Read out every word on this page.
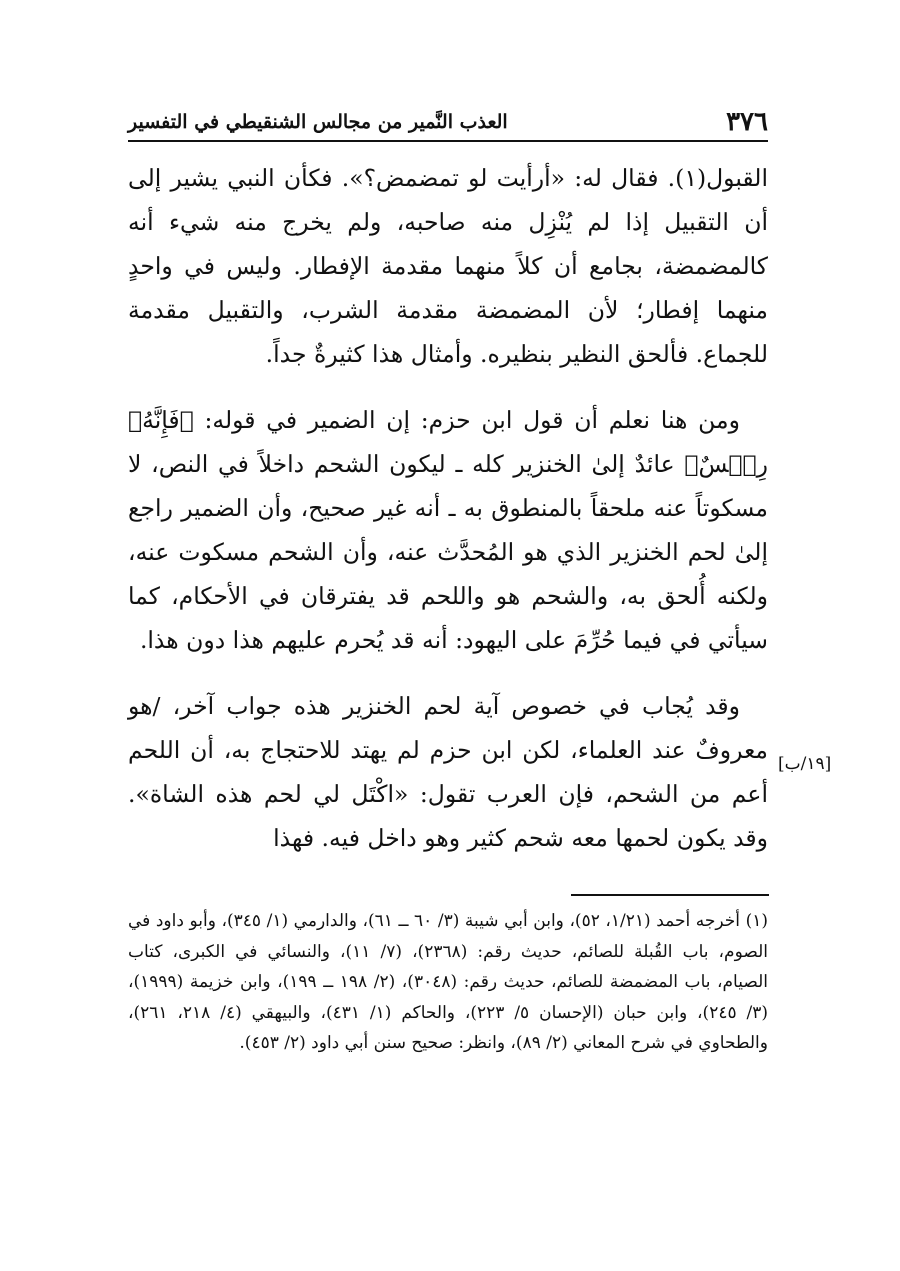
٣٧٦
العذب النَّمير من مجالس الشنقيطي في التفسير

القبول(١). فقال له: «أرأيت لو تمضمض؟». فكأن النبي يشير إلى أن التقبيل إذا لم يُنْزِل منه صاحبه، ولم يخرج منه شيء أنه كالمضمضة، بجامع أن كلاً منهما مقدمة الإفطار. وليس في واحدٍ منهما إفطار؛ لأن المضمضة مقدمة الشرب، والتقبيل مقدمة للجماع. فألحق النظير بنظيره. وأمثال هذا كثيرةٌ جداً.

ومن هنا نعلم أن قول ابن حزم: إن الضمير في قوله: ﴿فَإِنَّهُۥ رِجۡسٌ﴾ عائدٌ إلىٰ الخنزير كله ـ ليكون الشحم داخلاً في النص، لا مسكوتاً عنه ملحقاً بالمنطوق به ـ أنه غير صحيح، وأن الضمير راجع إلىٰ لحم الخنزير الذي هو المُحدَّث عنه، وأن الشحم مسكوت عنه، ولكنه أُلحق به، والشحم هو واللحم قد يفترقان في الأحكام، كما سيأتي في فيما حُرِّمَ على اليهود: أنه قد يُحرم عليهم هذا دون هذا.

وقد يُجاب في خصوص آية لحم الخنزير هذه جواب آخر، /هو معروفٌ عند العلماء، لكن ابن حزم لم يهتد للاحتجاج به، أن اللحم أعم من الشحم، فإن العرب تقول: «اكْتَل لي لحم هذه الشاة». وقد يكون لحمها معه شحم كثير وهو داخل فيه. فهذا

[١٩/ب]

(١) أخرجه أحمد (١/٢١، ٥٢)، وابن أبي شيبة (٣/ ٦٠ ــ ٦١)، والدارمي (١/ ٣٤٥)، وأبو داود في الصوم، باب القُبلة للصائم، حديث رقم: (٢٣٦٨)، (٧/ ١١)، والنسائي في الكبرى، كتاب الصيام، باب المضمضة للصائم، حديث رقم: (٣٠٤٨)، (٢/ ١٩٨ ــ ١٩٩)، وابن خزيمة (١٩٩٩)، (٣/ ٢٤٥)، وابن حبان (الإحسان ٥/ ٢٢٣)، والحاكم (١/ ٤٣١)، والبيهقي (٤/ ٢١٨، ٢٦١)، والطحاوي في شرح المعاني (٢/ ٨٩)، وانظر: صحيح سنن أبي داود (٢/ ٤٥٣).
